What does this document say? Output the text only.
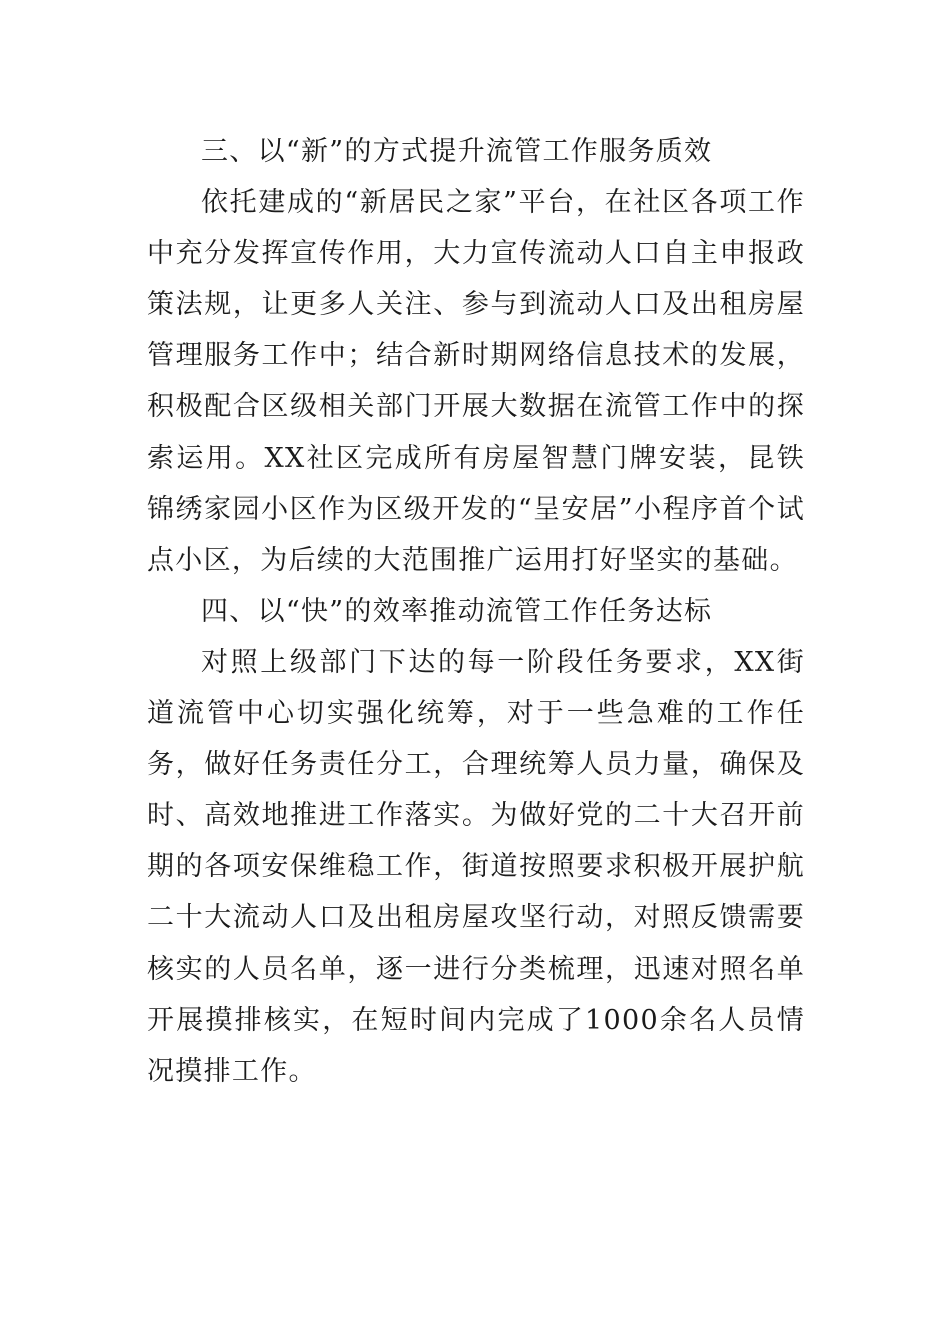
三、以“新”的方式提升流管工作服务质效

依托建成的“新居民之家”平台，在社区各项工作中充分发挥宣传作用，大力宣传流动人口自主申报政策法规，让更多人关注、参与到流动人口及出租房屋管理服务工作中；结合新时期网络信息技术的发展，积极配合区级相关部门开展大数据在流管工作中的探索运用。XX社区完成所有房屋智慧门牌安装，昆铁锦绣家园小区作为区级开发的“呈安居”小程序首个试点小区，为后续的大范围推广运用打好坚实的基础。

四、以“快”的效率推动流管工作任务达标

对照上级部门下达的每一阶段任务要求，XX街道流管中心切实强化统筹，对于一些急难的工作任务，做好任务责任分工，合理统筹人员力量，确保及时、高效地推进工作落实。为做好党的二十大召开前期的各项安保维稳工作，街道按照要求积极开展护航二十大流动人口及出租房屋攻坚行动，对照反馈需要核实的人员名单，逐一进行分类梳理，迅速对照名单开展摸排核实，在短时间内完成了1000余名人员情况摸排工作。
